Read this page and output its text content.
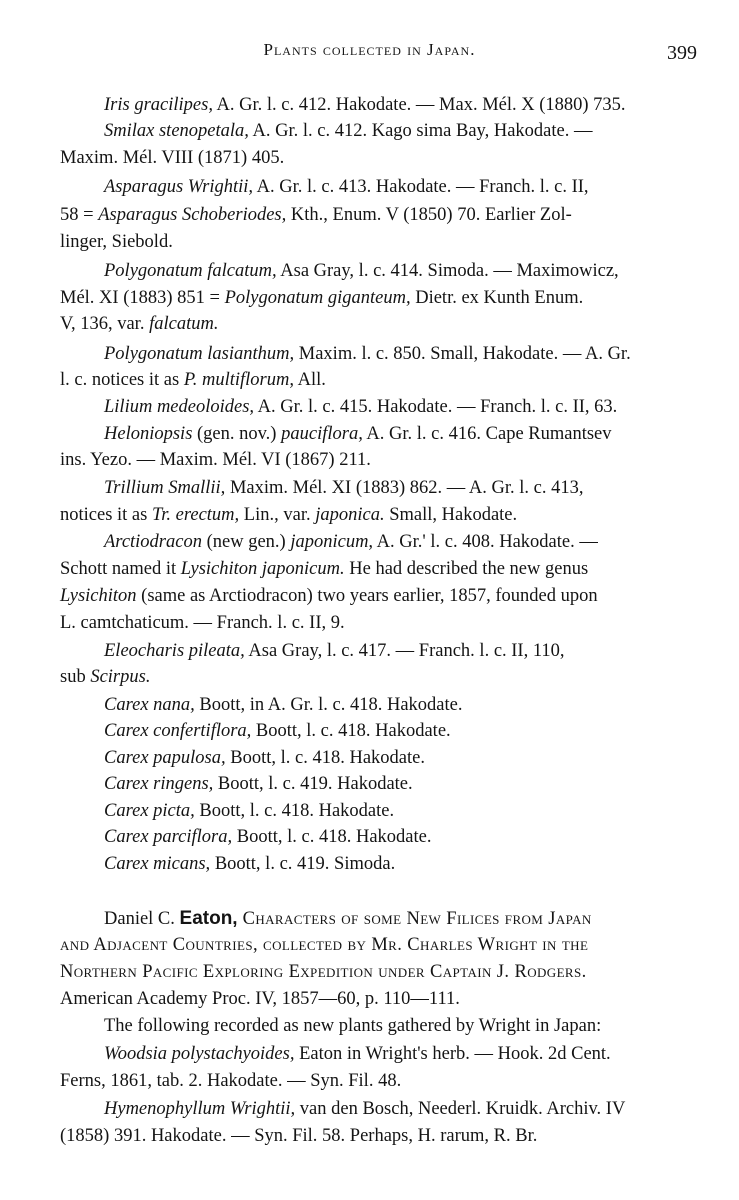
Plants collected in Japan.	399
Iris gracilipes, A. Gr. l. c. 412. Hakodate. — Max. Mél. X (1880) 735.
Smilax stenopetala, A. Gr. l. c. 412. Kago sima Bay, Hakodate. —
Maxim. Mél. VIII (1871) 405.
Asparagus Wrightii, A. Gr. l. c. 413. Hakodate. — Franch. l. c. II,
58 = Asparagus Schoberiodes, Kth., Enum. V (1850) 70. Earlier Zol-
linger, Siebold.
Polygonatum falcatum, Asa Gray, l. c. 414. Simoda. — Maximowicz,
Mél. XI (1883) 851 = Polygonatum giganteum, Dietr. ex Kunth Enum.
V, 136, var. falcatum.
Polygonatum lasianthum, Maxim. l. c. 850. Small, Hakodate. — A. Gr.
l. c. notices it as P. multiflorum, All.
Lilium medeoloides, A. Gr. l. c. 415. Hakodate. — Franch. l. c. II, 63.
Heloniopsis (gen. nov.) pauciflora, A. Gr. l. c. 416. Cape Rumantsev
ins. Yezo. — Maxim. Mél. VI (1867) 211.
Trillium Smallii, Maxim. Mél. XI (1883) 862. — A. Gr. l. c. 413,
notices it as Tr. erectum, Lin., var. japonica. Small, Hakodate.
Arctiodracon (new gen.) japonicum, A. Gr.' l. c. 408. Hakodate. —
Schott named it Lysichiton japonicum. He had described the new genus
Lysichiton (same as Arctiodracon) two years earlier, 1857, founded upon
L. camtchaticum. — Franch. l. c. II, 9.
Eleocharis pileata, Asa Gray, l. c. 417. — Franch. l. c. II, 110,
sub Scirpus.
Carex nana, Boott, in A. Gr. l. c. 418. Hakodate.
Carex confertiflora, Boott, l. c. 418. Hakodate.
Carex papulosa, Boott, l. c. 418. Hakodate.
Carex ringens, Boott, l. c. 419. Hakodate.
Carex picta, Boott, l. c. 418. Hakodate.
Carex parciflora, Boott, l. c. 418. Hakodate.
Carex micans, Boott, l. c. 419. Simoda.
Daniel C. Eaton, Characters of some New Filices from Japan
and Adjacent Countries, collected by Mr. Charles Wright in the
Northern Pacific Exploring Expedition under Captain J. Rodgers.
American Academy Proc. IV, 1857—60, p. 110—111.
The following recorded as new plants gathered by Wright in Japan:
Woodsia polystachyoides, Eaton in Wright's herb. — Hook. 2d Cent.
Ferns, 1861, tab. 2. Hakodate. — Syn. Fil. 48.
Hymenophyllum Wrightii, van den Bosch, Neederl. Kruidk. Archiv. IV
(1858) 391. Hakodate. — Syn. Fil. 58. Perhaps, H. rarum, R. Br.
